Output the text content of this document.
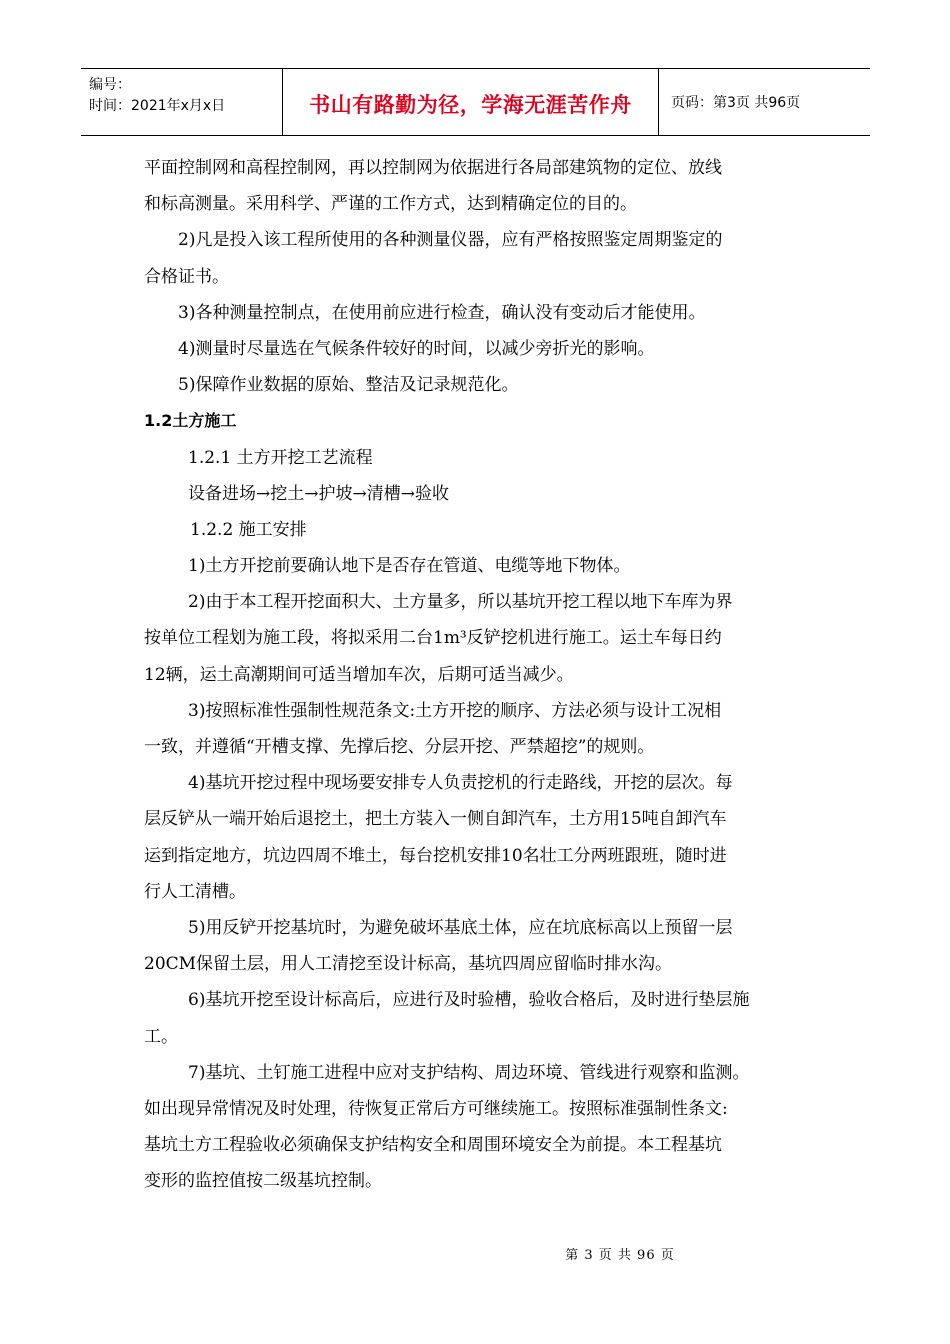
编号：
时间：2021年x月x日	书山有路勤为径，学海无涯苦作舟	页码：第3页 共96页
平面控制网和高程控制网，再以控制网为依据进行各局部建筑物的定位、放线
和标高测量。采用科学、严谨的工作方式，达到精确定位的目的。
2)凡是投入该工程所使用的各种测量仪器，应有严格按照鉴定周期鉴定的
合格证书。
3)各种测量控制点，在使用前应进行检查，确认没有变动后才能使用。
4)测量时尽量选在气候条件较好的时间，以减少旁折光的影响。
5)保障作业数据的原始、整洁及记录规范化。
1.2土方施工
1.2.1 土方开挖工艺流程
设备进场→挖土→护坡→清槽→验收
1.2.2 施工安排
1)土方开挖前要确认地下是否存在管道、电缆等地下物体。
2)由于本工程开挖面积大、土方量多，所以基坑开挖工程以地下车库为界
按单位工程划为施工段，将拟采用二台1m³反铲挖机进行施工。运土车每日约
12辆，运土高潮期间可适当增加车次，后期可适当减少。
3)按照标准性强制性规范条文:土方开挖的顺序、方法必须与设计工况相
一致，并遵循“开槽支撑、先撑后挖、分层开挖、严禁超挖”的规则。
4)基坑开挖过程中现场要安排专人负责挖机的行走路线，开挖的层次。每
层反铲从一端开始后退挖土，把土方装入一侧自卸汽车，土方用15吨自卸汽车
运到指定地方，坑边四周不堆土，每台挖机安排10名壮工分两班跟班，随时进
行人工清槽。
5)用反铲开挖基坑时，为避免破坏基底土体，应在坑底标高以上预留一层
20CM保留土层，用人工清挖至设计标高，基坑四周应留临时排水沟。
6)基坑开挖至设计标高后，应进行及时验槽，验收合格后，及时进行垫层施
工。
7)基坑、土钉施工进程中应对支护结构、周边环境、管线进行观察和监测。
如出现异常情况及时处理，待恢复正常后方可继续施工。按照标准强制性条文:
基坑土方工程验收必须确保支护结构安全和周围环境安全为前提。本工程基坑
变形的监控值按二级基坑控制。
第 3 页 共 96 页
